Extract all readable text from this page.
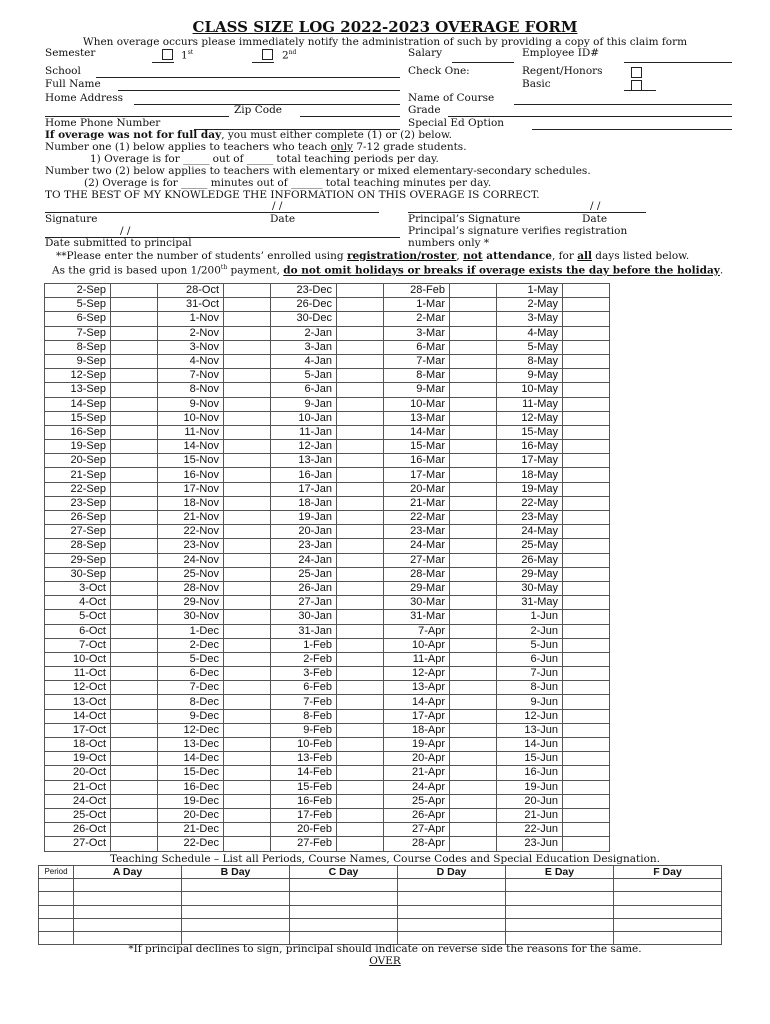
CLASS SIZE LOG 2022-2023 OVERAGE FORM
When overage occurs please immediately notify the administration of such by providing a copy of this claim form
Semester	1st	2nd	Salary	Employee ID#
School	Check One:	Regent/Honors
Full Name	Basic
Home Address	Name of Course
Zip Code	Grade
Home Phone Number	Special Ed Option
If overage was not for full day, you must either complete (1) or (2) below.
Number one (1) below applies to teachers who teach only 7-12 grade students.
1) Overage is for _____ out of _____ total teaching periods per day.
Number two (2) below applies to teachers with elementary or mixed elementary-secondary schedules.
(2) Overage is for _____ minutes out of ______ total teaching minutes per day.
TO THE BEST OF MY KNOWLEDGE THE INFORMATION ON THIS OVERAGE IS CORRECT.
/ /	/ /
Signature	Date	Principal’s Signature	Date
/ /	Principal’s signature verifies registration
Date submitted to principal	numbers only *
**Please enter the number of students’ enrolled using registration/roster, not attendance, for all days listed below.
As the grid is based upon 1/200th payment, do not omit holidays or breaks if overage exists the day before the holiday.
2-Sep		28-Oct		23-Dec		28-Feb		1-May	
5-Sep		31-Oct		26-Dec		1-Mar		2-May	
6-Sep		1-Nov		30-Dec		2-Mar		3-May	
7-Sep		2-Nov		2-Jan		3-Mar		4-May	
8-Sep		3-Nov		3-Jan		6-Mar		5-May	
9-Sep		4-Nov		4-Jan		7-Mar		8-May	
12-Sep		7-Nov		5-Jan		8-Mar		9-May	
13-Sep		8-Nov		6-Jan		9-Mar		10-May	
14-Sep		9-Nov		9-Jan		10-Mar		11-May	
15-Sep		10-Nov		10-Jan		13-Mar		12-May	
16-Sep		11-Nov		11-Jan		14-Mar		15-May	
19-Sep		14-Nov		12-Jan		15-Mar		16-May	
20-Sep		15-Nov		13-Jan		16-Mar		17-May	
21-Sep		16-Nov		16-Jan		17-Mar		18-May	
22-Sep		17-Nov		17-Jan		20-Mar		19-May	
23-Sep		18-Nov		18-Jan		21-Mar		22-May	
26-Sep		21-Nov		19-Jan		22-Mar		23-May	
27-Sep		22-Nov		20-Jan		23-Mar		24-May	
28-Sep		23-Nov		23-Jan		24-Mar		25-May	
29-Sep		24-Nov		24-Jan		27-Mar		26-May	
30-Sep		25-Nov		25-Jan		28-Mar		29-May	
3-Oct		28-Nov		26-Jan		29-Mar		30-May	
4-Oct		29-Nov		27-Jan		30-Mar		31-May	
5-Oct		30-Nov		30-Jan		31-Mar		1-Jun	
6-Oct		1-Dec		31-Jan		7-Apr		2-Jun	
7-Oct		2-Dec		1-Feb		10-Apr		5-Jun	
10-Oct		5-Dec		2-Feb		11-Apr		6-Jun	
11-Oct		6-Dec		3-Feb		12-Apr		7-Jun	
12-Oct		7-Dec		6-Feb		13-Apr		8-Jun	
13-Oct		8-Dec		7-Feb		14-Apr		9-Jun	
14-Oct		9-Dec		8-Feb		17-Apr		12-Jun	
17-Oct		12-Dec		9-Feb		18-Apr		13-Jun	
18-Oct		13-Dec		10-Feb		19-Apr		14-Jun	
19-Oct		14-Dec		13-Feb		20-Apr		15-Jun	
20-Oct		15-Dec		14-Feb		21-Apr		16-Jun	
21-Oct		16-Dec		15-Feb		24-Apr		19-Jun	
24-Oct		19-Dec		16-Feb		25-Apr		20-Jun	
25-Oct		20-Dec		17-Feb		26-Apr		21-Jun	
26-Oct		21-Dec		20-Feb		27-Apr		22-Jun	
27-Oct		22-Dec		27-Feb		28-Apr		23-Jun	
Teaching Schedule – List all Periods, Course Names, Course Codes and Special Education Designation.
Period	A Day	B Day	C Day	D Day	E Day	F Day

*If principal declines to sign, principal should indicate on reverse side the reasons for the same.
OVER
